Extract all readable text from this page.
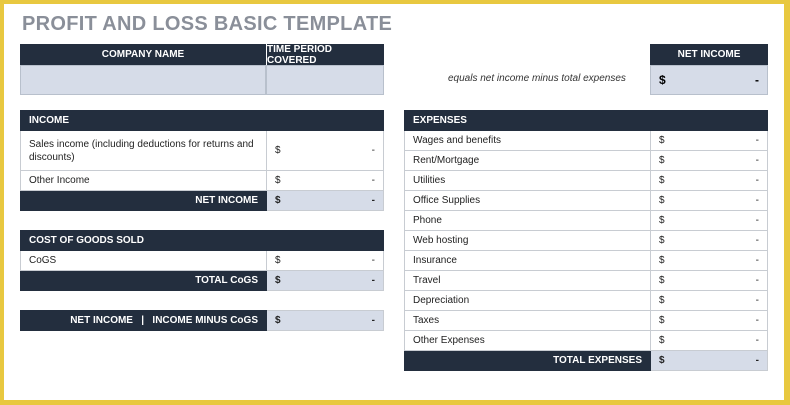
PROFIT AND LOSS BASIC TEMPLATE
COMPANY NAME	TIME PERIOD COVERED	NET INCOME
equals net income minus total expenses	$	-
INCOME	
Sales income (including deductions for returns and discounts)	$ -

Other Income	$ -

NET INCOME	$ -
COST OF GOODS SOLD	
CoGS	$ -

TOTAL CoGS	$ -
NET INCOME   |   INCOME MINUS CoGS	$	-
EXPENSES	
Wages and benefits	$ -

Rent/Mortgage	$ -

Utilities	$ -

Office Supplies	$ -

Phone	$ -

Web hosting	$ -

Insurance	$ -

Travel	$ -

Depreciation	$ -

Taxes	$ -

Other Expenses	$ -

TOTAL EXPENSES	$ -
